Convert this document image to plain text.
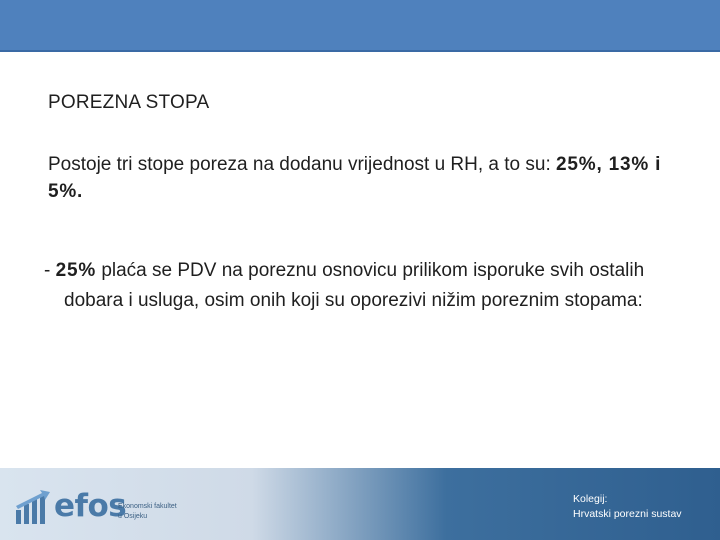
POREZNA STOPA

Postoje tri stope poreza na dodanu vrijednost u RH, a to su: 25%, 13% i 5%.

- 25% plaća se PDV na poreznu osnovicu prilikom isporuke svih ostalih dobara i usluga, osim onih koji su oporezivi nižim poreznim stopama:

efos
Ekonomski fakultet
u Osijeku
Kolegij:
Hrvatski porezni sustav
